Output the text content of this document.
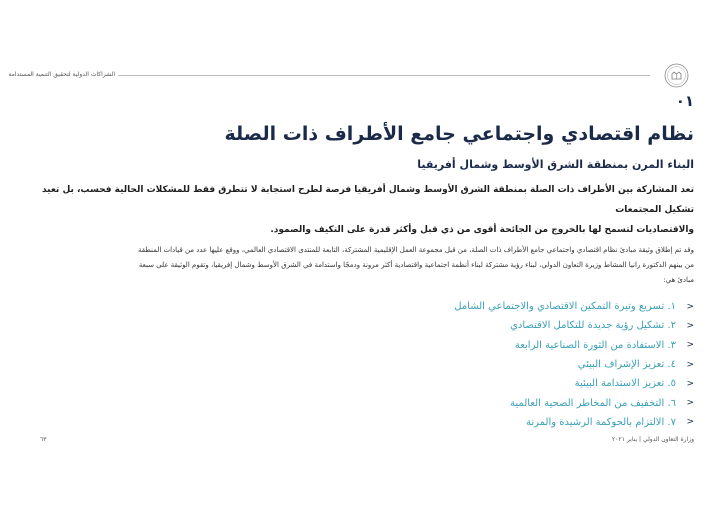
الشراكات الدولية لتحقيق التنمية المستدامة
٠١
نظام اقتصادي واجتماعي جامع الأطراف ذات الصلة
البناء المرن بمنطقة الشرق الأوسط وشمال أفريقيا
تعد المشاركة بين الأطراف ذات الصلة بمنطقة الشرق الأوسط وشمال أفريقيا فرصة لطرح استجابة لا تتطرق فقط للمشكلات الحالية فحسب، بل تعيد تشكيل المجتمعات
والاقتصاديات لتسمح لها بالخروج من الجائحة أقوى من ذي قبل وأكثر قدرة على التكيف والصمود.
وقد تم إطلاق وثيقة مبادئ نظام اقتصادي واجتماعي جامع الأطراف ذات الصلة، من قبل مجموعة العمل الإقليمية المشتركة، التابعة للمنتدى الاقتصادي العالمي، ووقع عليها عدد من قيادات المنطقة
من بينهم الدكتورة رانيا المشاط وزيرة التعاون الدولي، لبناء رؤية مشتركة لبناء أنظمة اجتماعية واقتصادية أكثر مرونة ودمجًا واستدامة في الشرق الأوسط وشمال إفريقيا، وتقوم الوثيقة على سبعة
مبادئ هي:
<
١. تسريع وتيرة التمكين الاقتصادي والاجتماعي الشامل
<
٢. تشكيل رؤية جديدة للتكامل الاقتصادي
<
٣. الاستفادة من الثورة الصناعية الرابعة
<
٤. تعزيز الإشراف البيئي
<
٥. تعزيز الاستدامة البيئية
<
٦. التخفيف من المخاطر الصحية العالمية
<
٧. الالتزام بالحوكمة الرشيدة والمرنة
٦٣	وزارة التعاون الدولي | يناير ٢٠٢١
